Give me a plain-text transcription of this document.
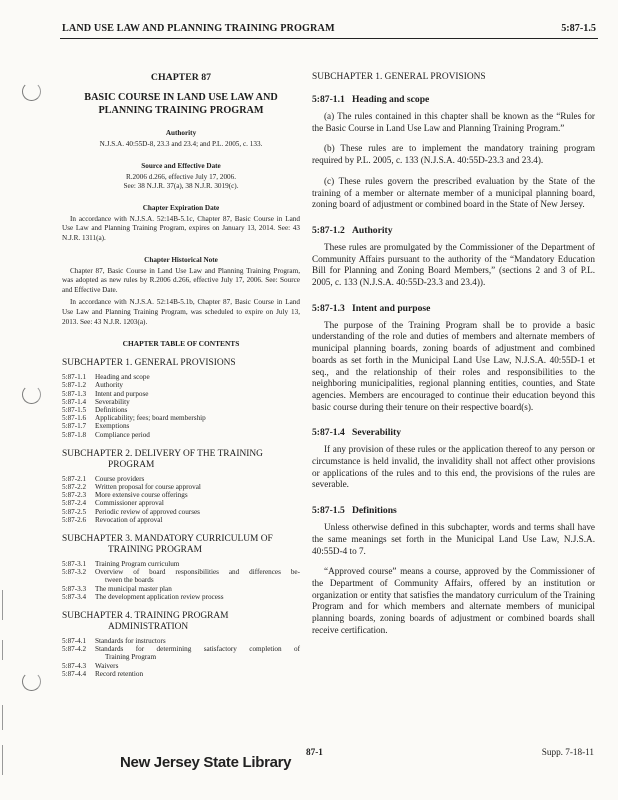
LAND USE LAW AND PLANNING TRAINING PROGRAM	5:87-1.5
CHAPTER 87
BASIC COURSE IN LAND USE LAW AND PLANNING TRAINING PROGRAM
Authority
N.J.S.A. 40:55D-8, 23.3 and 23.4; and P.L. 2005, c. 133.
Source and Effective Date
R.2006 d.266, effective July 17, 2006.
See: 38 N.J.R. 37(a), 38 N.J.R. 3019(c).
Chapter Expiration Date

In accordance with N.J.S.A. 52:14B-5.1c, Chapter 87, Basic Course in Land Use Law and Planning Training Program, expires on January 13, 2014. See: 43 N.J.R. 1311(a).

Chapter Historical Note

Chapter 87, Basic Course in Land Use Law and Planning Training Program, was adopted as new rules by R.2006 d.266, effective July 17, 2006. See: Source and Effective Date.

In accordance with N.J.S.A. 52:14B-5.1b, Chapter 87, Basic Course in Land Use Law and Planning Training Program, was scheduled to expire on July 13, 2013. See: 43 N.J.R. 1203(a).

CHAPTER TABLE OF CONTENTS
SUBCHAPTER 1. GENERAL PROVISIONS
5:87-1.1	Heading and scope
5:87-1.2	Authority
5:87-1.3	Intent and purpose
5:87-1.4	Severability
5:87-1.5	Definitions
5:87-1.6	Applicability; fees; board membership
5:87-1.7	Exemptions
5:87-1.8	Compliance period
SUBCHAPTER 2. DELIVERY OF THE TRAINING
PROGRAM
5:87-2.1	Course providers
5:87-2.2	Written proposal for course approval
5:87-2.3	More extensive course offerings
5:87-2.4	Commissioner approval
5:87-2.5	Periodic review of approved courses
5:87-2.6	Revocation of approval
SUBCHAPTER 3. MANDATORY CURRICULUM OF
TRAINING PROGRAM
5:87-3.1	Training Program curriculum
5:87-3.2	Overview of board responsibilities and differences be-
tween the boards
5:87-3.3	The municipal master plan
5:87-3.4	The development application review process
SUBCHAPTER 4. TRAINING PROGRAM
ADMINISTRATION
5:87-4.1	Standards for instructors
5:87-4.2	Standards for determining satisfactory completion of
Training Program
5:87-4.3	Waivers
5:87-4.4	Record retention
SUBCHAPTER 1. GENERAL PROVISIONS
5:87-1.1 Heading and scope

(a) The rules contained in this chapter shall be known as the “Rules for the Basic Course in Land Use Law and Planning Training Program.”

(b) These rules are to implement the mandatory training program required by P.L. 2005, c. 133 (N.J.S.A. 40:55D-23.3 and 23.4).

(c) These rules govern the prescribed evaluation by the State of the training of a member or alternate member of a municipal planning board, zoning board of adjustment or combined board in the State of New Jersey.

5:87-1.2 Authority

These rules are promulgated by the Commissioner of the Department of Community Affairs pursuant to the authority of the “Mandatory Education Bill for Planning and Zoning Board Members,” (sections 2 and 3 of P.L. 2005, c. 133 (N.J.S.A. 40:55D-23.3 and 23.4)).

5:87-1.3 Intent and purpose

The purpose of the Training Program shall be to provide a basic understanding of the role and duties of members and alternate members of municipal planning boards, zoning boards of adjustment and combined boards as set forth in the Municipal Land Use Law, N.J.S.A. 40:55D-1 et seq., and the relationship of their roles and responsibilities to the neighboring municipalities, regional planning entities, counties, and State agencies. Members are encouraged to continue their education beyond this basic course during their tenure on their respective board(s).

5:87-1.4 Severability

If any provision of these rules or the application thereof to any person or circumstance is held invalid, the invalidity shall not affect other provisions or applications of the rules and to this end, the provisions of the rules are severable.

5:87-1.5 Definitions

Unless otherwise defined in this subchapter, words and terms shall have the same meanings set forth in the Municipal Land Use Law, N.J.S.A. 40:55D-4 to 7.

“Approved course” means a course, approved by the Commissioner of the Department of Community Affairs, offered by an institution or organization or entity that satisfies the mandatory curriculum of the Training Program and for which members and alternate members of municipal planning boards, zoning boards of adjustment or combined boards shall receive certification.

87-1	Supp. 7-18-11
New Jersey State Library
